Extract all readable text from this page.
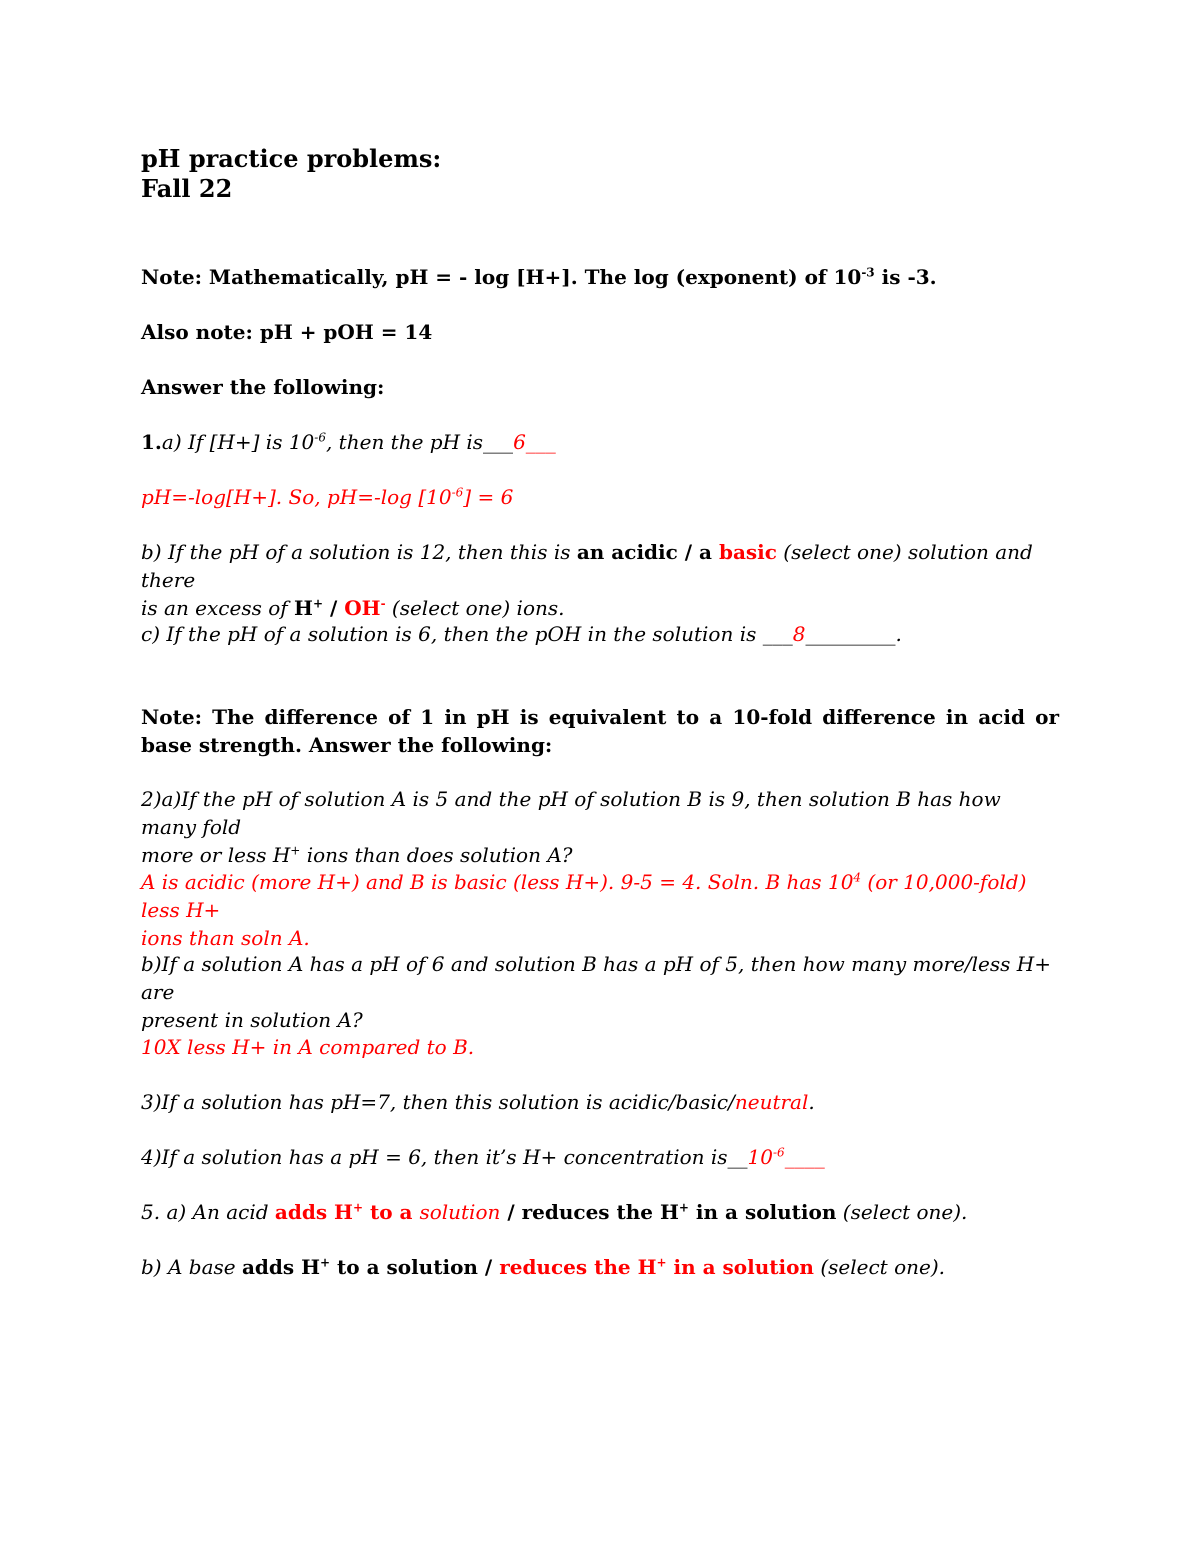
pH practice problems:
Fall 22
Note: Mathematically, pH = - log [H+]. The log (exponent) of $10^{-3}$ is -3.
Also note: pH + pOH = 14
Answer the following:
1.a) If [H+] is $10^{-6}$, then the pH is___6___
pH=-log[H+]. So, pH=-log $[10^{-6}] = 6$
b) If the pH of a solution is 12, then this is an acidic / a basic (select one) solution and there
is an excess of H+ / OH- (select one) ions.
c) If the pH of a solution is 6, then the pOH in the solution is ___8_________.
Note: The difference of 1 in pH is equivalent to a 10-fold difference in acid or base strength. Answer the following:
2)a)If the pH of solution A is 5 and the pH of solution B is 9, then solution B has how many fold
more or less H+ ions than does solution A?
A is acidic (more H+) and B is basic (less H+). 9-5 = 4. Soln. B has $10^4$ (or 10,000-fold) less H+
ions than soln A.
b)If a solution A has a pH of 6 and solution B has a pH of 5, then how many more/less H+ are
present in solution A?
10X less H+ in A compared to B.
3)If a solution has pH=7, then this solution is acidic/basic/neutral.
4)If a solution has a pH = 6, then it’s H+ concentration $is\_\_10^{-6}\_\_\_\_$
5. a) An acid adds H+ to a solution / reduces the H+ in a solution (select one).
b) A base adds H+ to a solution / reduces the H+ in a solution (select one).
